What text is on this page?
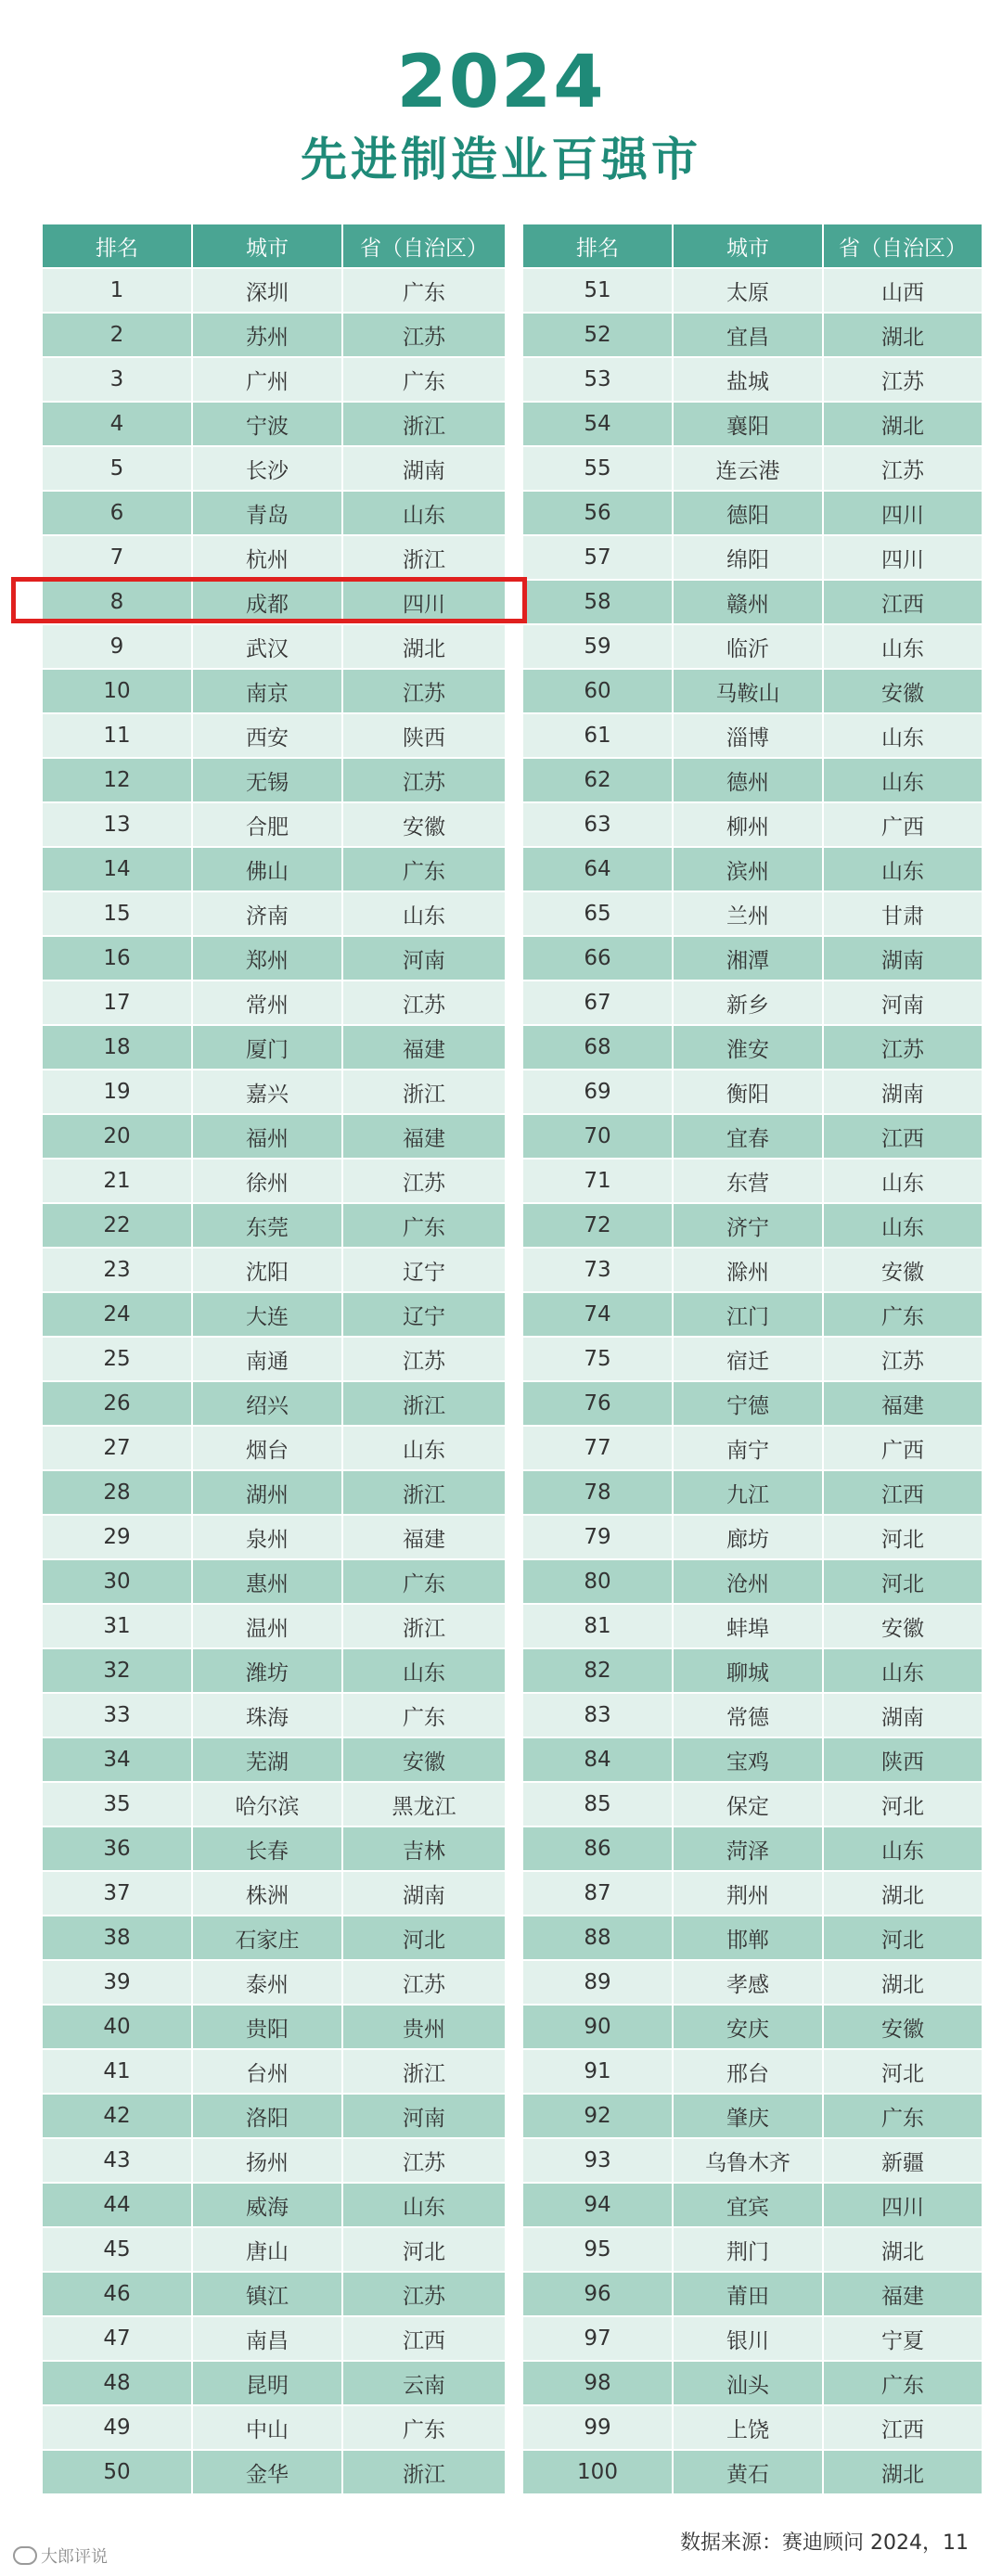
2024
先进制造业百强市
排名	城市	省（自治区）
1	深圳	广东
2	苏州	江苏
3	广州	广东
4	宁波	浙江
5	长沙	湖南
6	青岛	山东
7	杭州	浙江
8	成都	四川
9	武汉	湖北
10	南京	江苏
11	西安	陕西
12	无锡	江苏
13	合肥	安徽
14	佛山	广东
15	济南	山东
16	郑州	河南
17	常州	江苏
18	厦门	福建
19	嘉兴	浙江
20	福州	福建
21	徐州	江苏
22	东莞	广东
23	沈阳	辽宁
24	大连	辽宁
25	南通	江苏
26	绍兴	浙江
27	烟台	山东
28	湖州	浙江
29	泉州	福建
30	惠州	广东
31	温州	浙江
32	潍坊	山东
33	珠海	广东
34	芜湖	安徽
35	哈尔滨	黑龙江
36	长春	吉林
37	株洲	湖南
38	石家庄	河北
39	泰州	江苏
40	贵阳	贵州
41	台州	浙江
42	洛阳	河南
43	扬州	江苏
44	威海	山东
45	唐山	河北
46	镇江	江苏
47	南昌	江西
48	昆明	云南
49	中山	广东
50	金华	浙江
排名	城市	省（自治区）
51	太原	山西
52	宜昌	湖北
53	盐城	江苏
54	襄阳	湖北
55	连云港	江苏
56	德阳	四川
57	绵阳	四川
58	赣州	江西
59	临沂	山东
60	马鞍山	安徽
61	淄博	山东
62	德州	山东
63	柳州	广西
64	滨州	山东
65	兰州	甘肃
66	湘潭	湖南
67	新乡	河南
68	淮安	江苏
69	衡阳	湖南
70	宜春	江西
71	东营	山东
72	济宁	山东
73	滁州	安徽
74	江门	广东
75	宿迁	江苏
76	宁德	福建
77	南宁	广西
78	九江	江西
79	廊坊	河北
80	沧州	河北
81	蚌埠	安徽
82	聊城	山东
83	常德	湖南
84	宝鸡	陕西
85	保定	河北
86	菏泽	山东
87	荆州	湖北
88	邯郸	河北
89	孝感	湖北
90	安庆	安徽
91	邢台	河北
92	肇庆	广东
93	乌鲁木齐	新疆
94	宜宾	四川
95	荆门	湖北
96	莆田	福建
97	银川	宁夏
98	汕头	广东
99	上饶	江西
100	黄石	湖北
数据来源：赛迪顾问 2024，11
大郎评说
